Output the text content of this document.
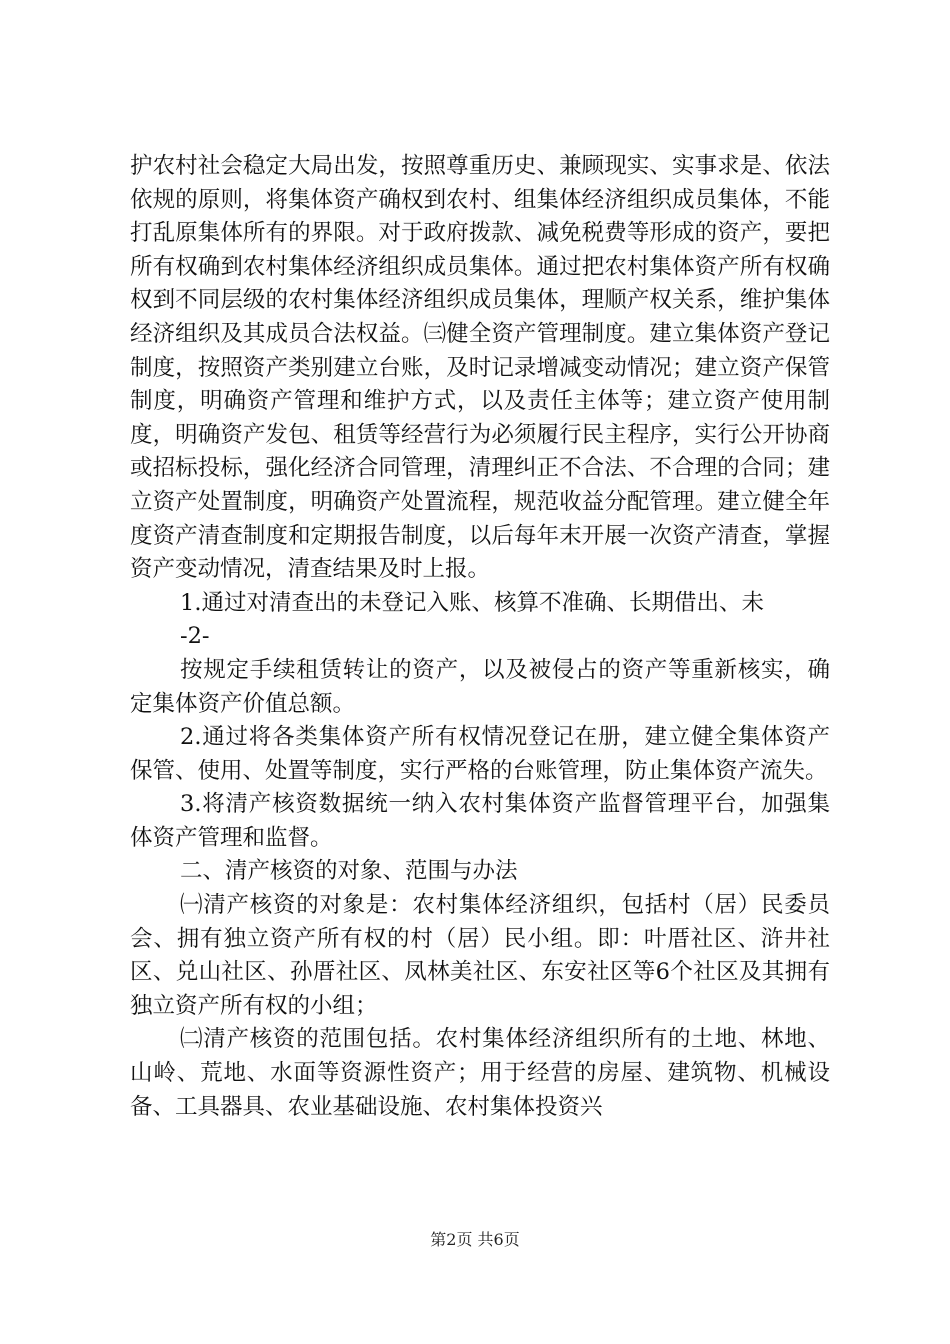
护农村社会稳定大局出发，按照尊重历史、兼顾现实、实事求是、依法依规的原则，将集体资产确权到农村、组集体经济组织成员集体，不能打乱原集体所有的界限。对于政府拨款、减免税费等形成的资产，要把所有权确到农村集体经济组织成员集体。通过把农村集体资产所有权确权到不同层级的农村集体经济组织成员集体，理顺产权关系，维护集体经济组织及其成员合法权益。㈢健全资产管理制度。建立集体资产登记制度，按照资产类别建立台账，及时记录增减变动情况；建立资产保管制度，明确资产管理和维护方式，以及责任主体等；建立资产使用制度，明确资产发包、租赁等经营行为必须履行民主程序，实行公开协商或招标投标，强化经济合同管理，清理纠正不合法、不合理的合同；建立资产处置制度，明确资产处置流程，规范收益分配管理。建立健全年度资产清查制度和定期报告制度，以后每年末开展一次资产清查，掌握资产变动情况，清查结果及时上报。

1.通过对清查出的未登记入账、核算不准确、长期借出、未

-2-

按规定手续租赁转让的资产，以及被侵占的资产等重新核实，确定集体资产价值总额。

2.通过将各类集体资产所有权情况登记在册，建立健全集体资产保管、使用、处置等制度，实行严格的台账管理，防止集体资产流失。

3.将清产核资数据统一纳入农村集体资产监督管理平台，加强集体资产管理和监督。

二、清产核资的对象、范围与办法

㈠清产核资的对象是：农村集体经济组织，包括村（居）民委员会、拥有独立资产所有权的村（居）民小组。即：叶厝社区、浒井社区、兑山社区、孙厝社区、凤林美社区、东安社区等6个社区及其拥有独立资产所有权的小组；

㈡清产核资的范围包括。农村集体经济组织所有的土地、林地、山岭、荒地、水面等资源性资产；用于经营的房屋、建筑物、机械设备、工具器具、农业基础设施、农村集体投资兴

第2页 共6页
